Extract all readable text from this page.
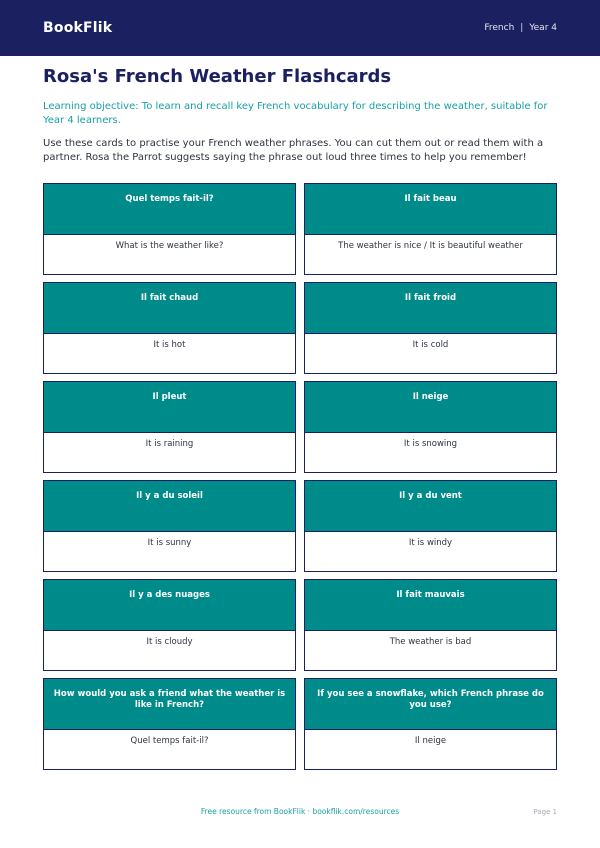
BookFlik	French | Year 4
Rosa's French Weather Flashcards
Learning objective: To learn and recall key French vocabulary for describing the weather, suitable for Year 4 learners.
Use these cards to practise your French weather phrases. You can cut them out or read them with a partner. Rosa the Parrot suggests saying the phrase out loud three times to help you remember!
Quel temps fait-il?
What is the weather like?
Il fait beau
The weather is nice / It is beautiful weather
Il fait chaud
It is hot
Il fait froid
It is cold
Il pleut
It is raining
Il neige
It is snowing
Il y a du soleil
It is sunny
Il y a du vent
It is windy
Il y a des nuages
It is cloudy
Il fait mauvais
The weather is bad
How would you ask a friend what the weather is like in French?
Quel temps fait-il?
If you see a snowflake, which French phrase do you use?
Il neige
Free resource from BookFlik · bookflik.com/resources	Page 1
